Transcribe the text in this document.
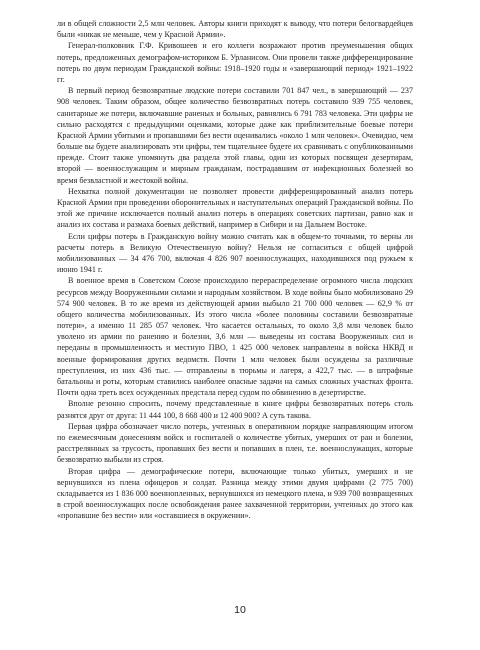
ли в общей сложности 2,5 млн человек. Авторы книги приходят к выводу, что потери белогвардейцев были «никак не меньше, чем у Красной Армии».

Генерал-полковник Г.Ф. Кривошеев и его коллеги возражают против преуменьшения общих потерь, предложенных демографом-историком Б. Урланисом. Они провели также дифференцирование потерь по двум периодам Гражданской войны: 1918–1920 годы и «завершающий период» 1921–1922 гг.

В первый период безвозвратные людские потери составили 701 847 чел., в завершающий — 237 908 человек. Таким образом, общее количество безвозвратных потерь составило 939 755 человек, санитарные же потери, включавшие раненых и больных, равнялись 6 791 783 человека. Эти цифры не сильно расходятся с предыдущими оценками, которые даже как приблизительные боевые потери Красной Армии убитыми и пропавшими без вести оценивались «около 1 млн человек». Очевидно, чем больше вы будете анализировать эти цифры, тем тщательнее будете их сравнивать с опубликованными прежде. Стоит также упомянуть два раздела этой главы, один из которых посвящен дезертирам, второй — военнослужащим и мирным гражданам, пострадавшим от инфекционных болезней во время безвластной и жестокой войны.

Нехватка полной документации не позволяет провести дифференцированный анализ потерь Красной Армии при проведении оборонительных и наступательных операций Гражданской войны. По этой же причине исключается полный анализ потерь в операциях советских партизан, равно как и анализ их состава и размаха боевых действий, например в Сибири и на Дальнем Востоке.

Если цифры потерь в Гражданскую войну можно считать как в общем-то точными, то верны ли расчеты потерь в Великую Отечественную войну? Нельзя не согласиться с общей цифрой мобилизованных — 34 476 700, включая 4 826 907 военнослужащих, находившихся под ружьем к июню 1941 г.

В военное время в Советском Союзе происходило перераспределение огромного числа людских ресурсов между Вооруженными силами и народным хозяйством. В ходе войны было мобилизовано 29 574 900 человек. В то же время из действующей армии выбыло 21 700 000 человек — 62,9 % от общего количества мобилизованных. Из этого числа «более половины составили безвозвратные потери», а именно 11 285 057 человек. Что касается остальных, то около 3,8 млн человек было уволено из армии по ранению и болезни, 3,6 млн — выведены из состава Вооруженных сил и переданы в промышленность и местную ПВО, 1 425 000 человек направлены в войска НКВД и военные формирования других ведомств. Почти 1 млн человек были осуждены за различные преступления, из них 436 тыс. — отправлены в тюрьмы и лагеря, а 422,7 тыс. — в штрафные батальоны и роты, которым ставились наиболее опасные задачи на самых сложных участках фронта. Почти одна треть всех осужденных предстала перед судом по обвинению в дезертирстве.

Вполне резонно спросить, почему представленные в книге цифры безвозвратных потерь столь разнятся друг от друга: 11 444 100, 8 668 400 и 12 400 900? А суть такова.

Первая цифра обозначает число потерь, учтенных в оперативном порядке направляющим итогом по ежемесячным донесениям войск и госпиталей о количестве убитых, умерших от ран и болезни, расстрелянных за трусость, пропавших без вести и попавших в плен, т.е. военнослужащих, которые безвозвратно выбыли из строя.

Вторая цифра — демографические потери, включающие только убитых, умерших и не вернувшихся из плена офицеров и солдат. Разница между этими двумя цифрами (2 775 700) складывается из 1 836 000 военнопленных, вернувшихся из немецкого плена, и 939 700 возвращенных в строй военнослужащих после освобождения ранее захваченной территории, учтенных до этого как «пропавшие без вести» или «оставшиеся в окружении».

10
